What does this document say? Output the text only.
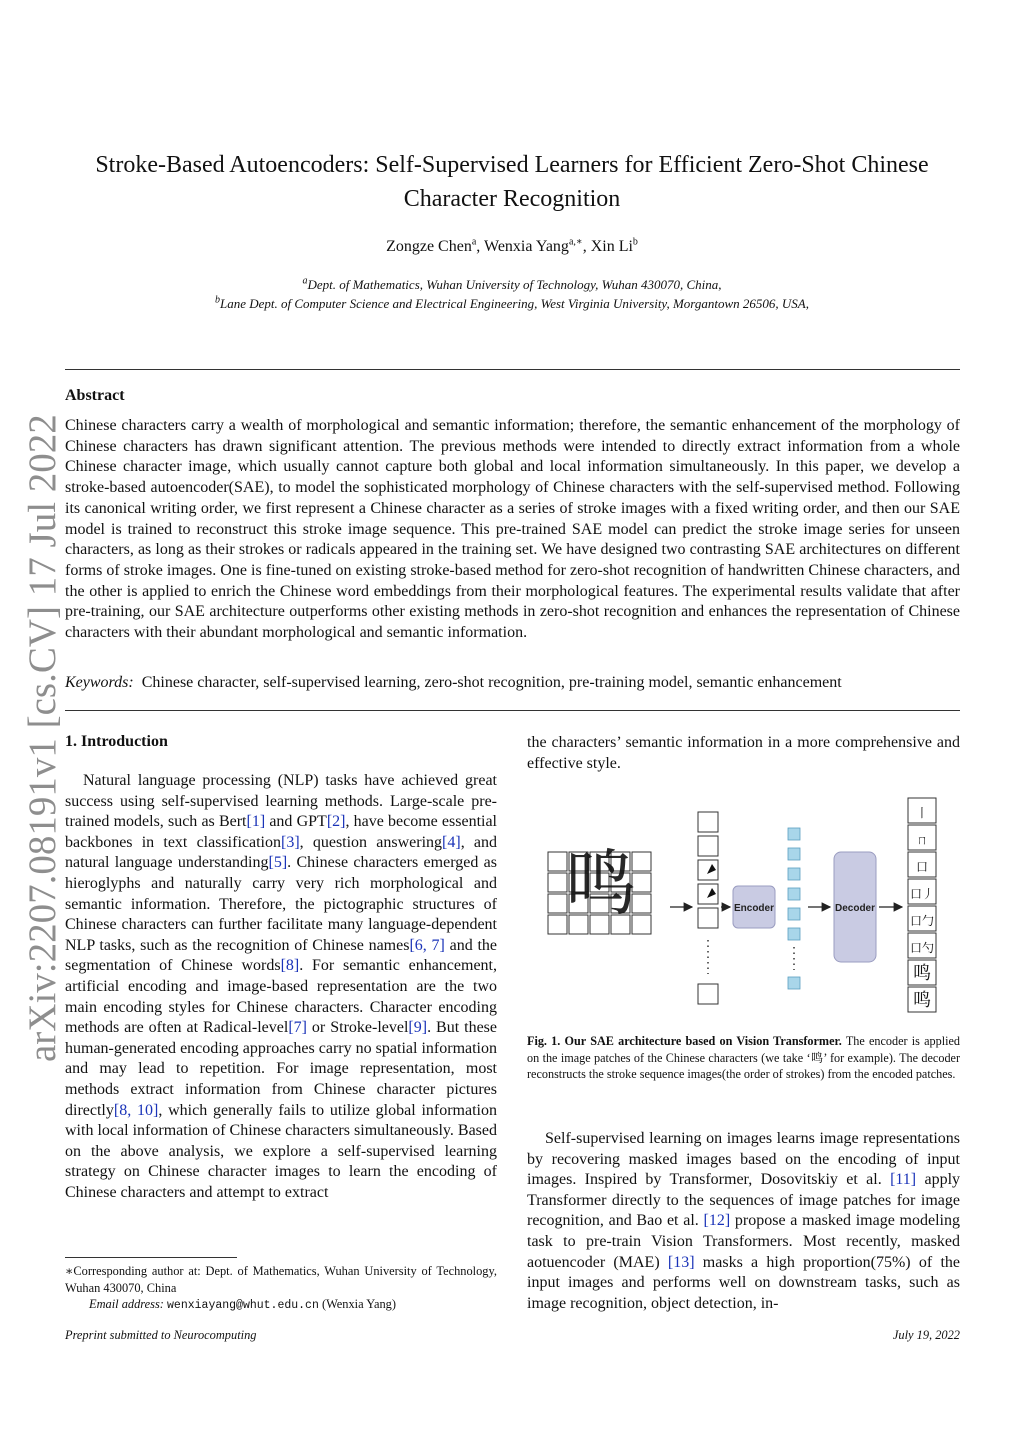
arXiv:2207.08191v1 [cs.CV] 17 Jul 2022
Stroke-Based Autoencoders: Self-Supervised Learners for Efficient Zero-Shot Chinese Character Recognition
Zongze Chen$^a$, Wenxia Yang$^{a,∗}$, Xin Li$^b$
$^a$Dept. of Mathematics, Wuhan University of Technology, Wuhan 430070, China,
$^b$Lane Dept. of Computer Science and Electrical Engineering, West Virginia University, Morgantown 26506, USA,
Abstract
Chinese characters carry a wealth of morphological and semantic information; therefore, the semantic enhancement of the morphology of Chinese characters has drawn significant attention. The previous methods were intended to directly extract information from a whole Chinese character image, which usually cannot capture both global and local information simultaneously. In this paper, we develop a stroke-based autoencoder(SAE), to model the sophisticated morphology of Chinese characters with the self-supervised method. Following its canonical writing order, we first represent a Chinese character as a series of stroke images with a fixed writing order, and then our SAE model is trained to reconstruct this stroke image sequence. This pre-trained SAE model can predict the stroke image series for unseen characters, as long as their strokes or radicals appeared in the training set. We have designed two contrasting SAE architectures on different forms of stroke images. One is fine-tuned on existing stroke-based method for zero-shot recognition of handwritten Chinese characters, and the other is applied to enrich the Chinese word embeddings from their morphological features. The experimental results validate that after pre-training, our SAE architecture outperforms other existing methods in zero-shot recognition and enhances the representation of Chinese characters with their abundant morphological and semantic information.
Keywords: Chinese character, self-supervised learning, zero-shot recognition, pre-training model, semantic enhancement
1. Introduction
Natural language processing (NLP) tasks have achieved great success using self-supervised learning methods. Large-scale pre-trained models, such as Bert[1] and GPT[2], have become essential backbones in text classification[3], question answering[4], and natural language understanding[5]. Chinese characters emerged as hieroglyphs and naturally carry very rich morphological and semantic information. Therefore, the pictographic structures of Chinese characters can further facilitate many language-dependent NLP tasks, such as the recognition of Chinese names[6, 7] and the segmentation of Chinese words[8]. For semantic enhancement, artificial encoding and image-based representation are the two main encoding styles for Chinese characters. Character encoding methods are often at Radical-level[7] or Stroke-level[9]. But these human-generated encoding approaches carry no spatial information and may lead to repetition. For image representation, most methods extract information from Chinese character pictures directly[8, 10], which generally fails to utilize global information with local information of Chinese characters simultaneously. Based on the above analysis, we explore a self-supervised learning strategy on Chinese character images to learn the encoding of Chinese characters and attempt to extract
the characters’ semantic information in a more comprehensive and effective style.
鸣	Encoder	Decoder
丨
ㄇ
口
口丿
口勹
口勺
鸣
鸣
Fig. 1. Our SAE architecture based on Vision Transformer. The encoder is applied on the image patches of the Chinese characters (we take ‘鸣’ for example). The decoder reconstructs the stroke sequence images(the order of strokes) from the encoded patches.
Self-supervised learning on images learns image representations by recovering masked images based on the encoding of input images. Inspired by Transformer, Dosovitskiy et al. [11] apply Transformer directly to the sequences of image patches for image recognition, and Bao et al. [12] propose a masked image modeling task to pre-train Vision Transformers. Most recently, masked aotuencoder (MAE) [13] masks a high proportion(75%) of the input images and performs well on downstream tasks, such as image recognition, object detection, in-
∗Corresponding author at: Dept. of Mathematics, Wuhan University of Technology, Wuhan 430070, China
Email address: wenxiayang@whut.edu.cn (Wenxia Yang)
Preprint submitted to Neurocomputing	July 19, 2022
